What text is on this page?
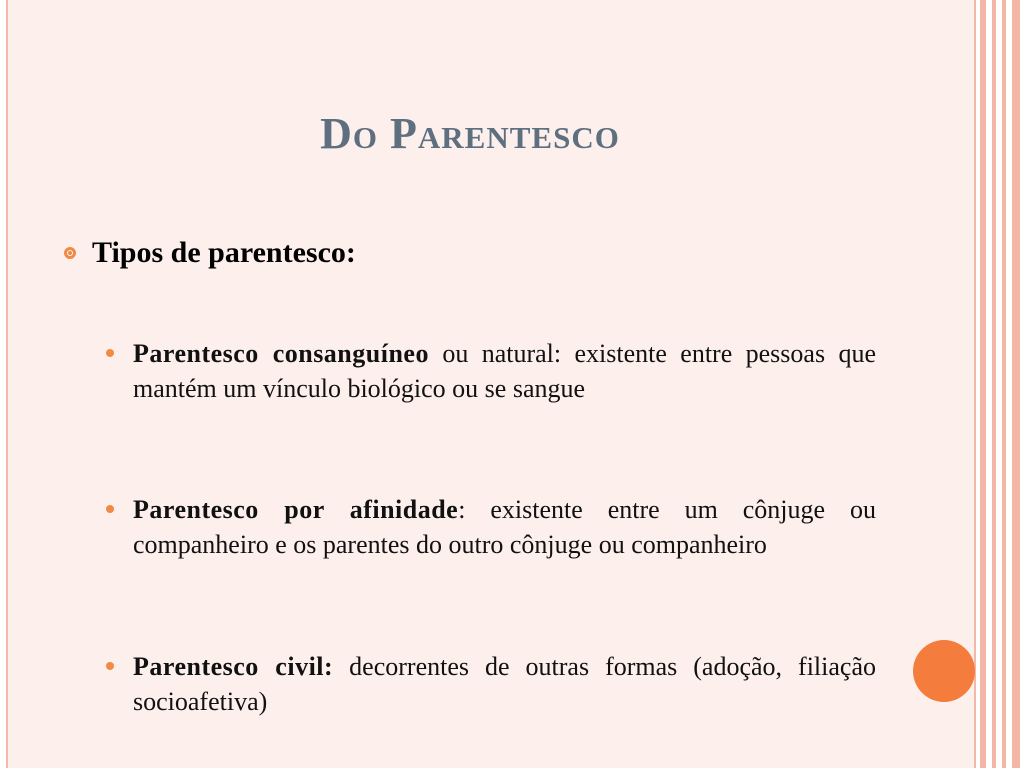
Do Parentesco
Tipos de parentesco:
Parentesco consanguíneo ou natural: existente entre pessoas que mantém um vínculo biológico ou se sangue
Parentesco por afinidade: existente entre um cônjuge ou companheiro e os parentes do outro cônjuge ou companheiro
Parentesco civil: decorrentes de outras formas (adoção, filiação socioafetiva)
